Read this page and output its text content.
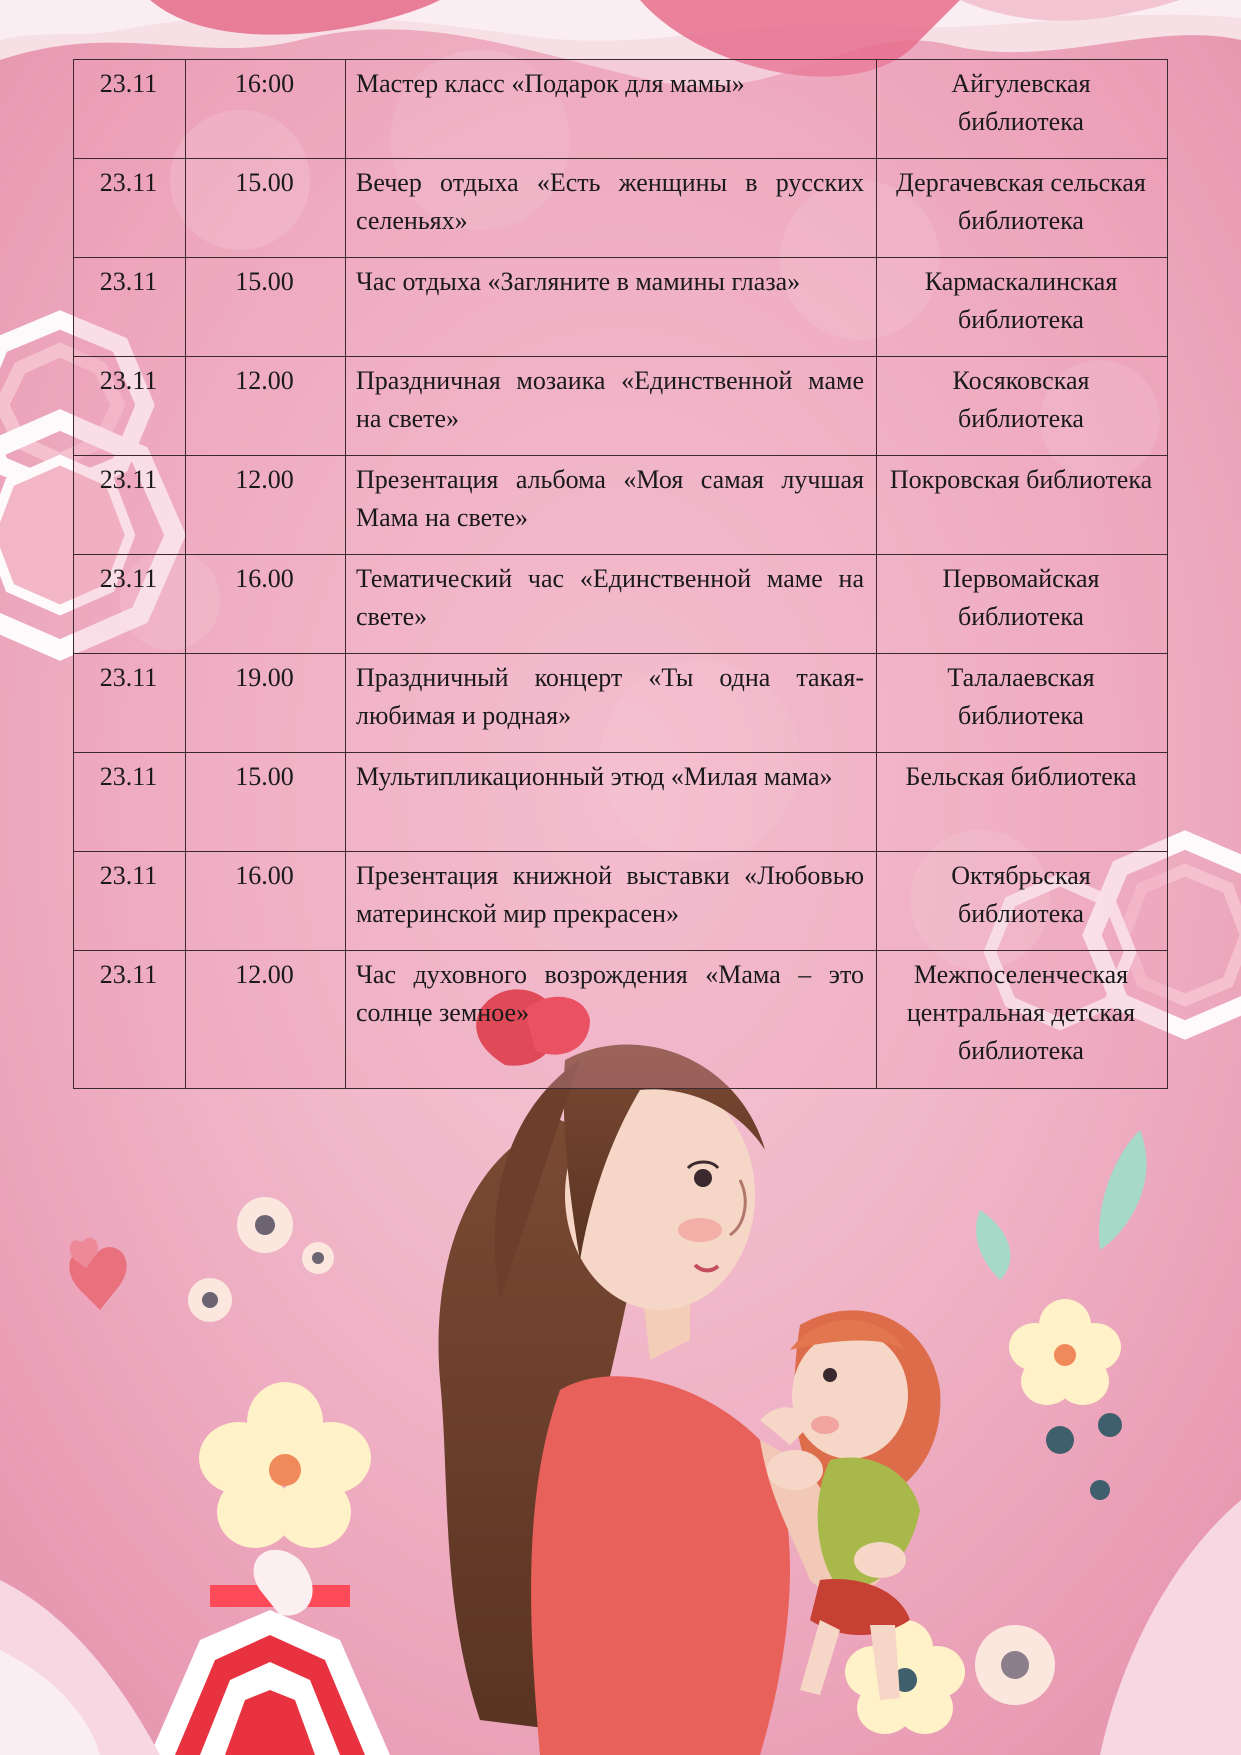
23.11	16:00	Мастер класс «Подарок для мамы»	Айгулевская библиотека
23.11	15.00	Вечер отдыха «Есть женщины в русских селеньях»	Дергачевская сельская библиотека
23.11	15.00	Час отдыха «Загляните в мамины глаза»	Кармаскалинская библиотека
23.11	12.00	Праздничная мозаика «Единственной маме на свете»	Косяковская библиотека
23.11	12.00	Презентация альбома «Моя самая лучшая Мама на свете»	Покровская библиотека
23.11	16.00	Тематический час «Единственной маме на свете»	Первомайская библиотека
23.11	19.00	Праздничный концерт «Ты одна такая-любимая и родная»	Талалаевская библиотека
23.11	15.00	Мультипликационный этюд «Милая мама»	Бельская библиотека
23.11	16.00	Презентация книжной выставки «Любовью материнской мир прекрасен»	Октябрьская библиотека
23.11	12.00	Час духовного возрождения «Мама – это солнце земное»	Межпоселенческая центральная детская библиотека
